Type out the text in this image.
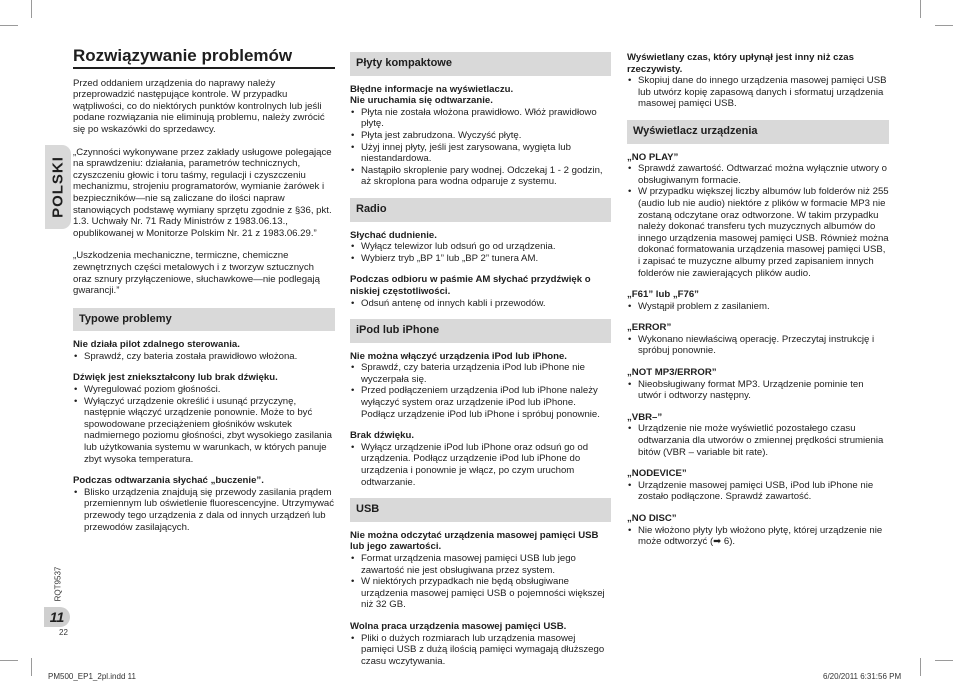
POLSKI
RQT9537
11
22
Rozwiązywanie problemów

Przed oddaniem urządzenia do naprawy należy przeprowadzić następujące kontrole. W przypadku wątpliwości, co do niektórych punktów kontrolnych lub jeśli podane rozwiązania nie eliminują problemu, należy zwrócić się po wskazówki do sprzedawcy.

„Czynności wykonywane przez zakłady usługowe polegające na sprawdzeniu: działania, parametrów technicznych, czyszczeniu głowic i toru taśmy, regulacji i czyszczeniu mechanizmu, strojeniu programatorów, wymianie żarówek i bezpieczników—nie są zaliczane do ilości napraw stanowiących podstawę wymiany sprzętu zgodnie z §36, pkt. 1.3. Uchwały Nr. 71 Rady Ministrów z 1983.06.13., opublikowanej w Monitorze Polskim Nr. 21 z 1983.06.29.”

„Uszkodzenia mechaniczne, termiczne, chemiczne zewnętrznych części metalowych i z tworzyw sztucznych oraz sznury przyłączeniowe, słuchawkowe—nie podlegają gwarancji.”

Typowe problemy

Nie działa pilot zdalnego sterowania.

• Sprawdź, czy bateria została prawidłowo włożona.

Dźwięk jest zniekształcony lub brak dźwięku.

• Wyregulować poziom głośności.
• Wyłączyć urządzenie określić i usunąć przyczynę, następnie włączyć urządzenie ponownie. Może to być spowodowane przeciążeniem głośników wskutek nadmiernego poziomu głośności, zbyt wysokiego zasilania lub użytkowania systemu w warunkach, w których panuje zbyt wysoka temperatura.

Podczas odtwarzania słychać „buczenie”.

• Blisko urządzenia znajdują się przewody zasilania prądem przemiennym lub oświetlenie fluorescencyjne. Utrzymywać przewody tego urządzenia z dala od innych urządzeń lub przewodów zasilających.
Płyty kompaktowe

Błędne informacje na wyświetlaczu.
Nie uruchamia się odtwarzanie.

• Płyta nie została włożona prawidłowo. Włóż prawidłowo płytę.
• Płyta jest zabrudzona. Wyczyść płytę.
• Użyj innej płyty, jeśli jest zarysowana, wygięta lub niestandardowa.
• Nastąpiło skroplenie pary wodnej. Odczekaj 1 - 2 godzin, aż skroplona para wodna odparuje z systemu.
Radio

Słychać dudnienie.

• Wyłącz telewizor lub odsuń go od urządzenia.
• Wybierz tryb „BP 1” lub „BP 2” tunera AM.

Podczas odbioru w paśmie AM słychać przydźwięk o niskiej częstotliwości.

• Odsuń antenę od innych kabli i przewodów.
iPod lub iPhone

Nie można włączyć urządzenia iPod lub iPhone.

• Sprawdź, czy bateria urządzenia iPod lub iPhone nie wyczerpała się.
• Przed podłączeniem urządzenia iPod lub iPhone należy wyłączyć system oraz urządzenie iPod lub iPhone. Podłącz urządzenie iPod lub iPhone i spróbuj ponownie.

Brak dźwięku.

• Wyłącz urządzenie iPod lub iPhone oraz odsuń go od urządzenia. Podłącz urządzenie iPod lub iPhone do urządzenia i ponownie je włącz, po czym uruchom odtwarzanie.
USB

Nie można odczytać urządzenia masowej pamięci USB lub jego zawartości.

• Format urządzenia masowej pamięci USB lub jego zawartość nie jest obsługiwana przez system.
• W niektórych przypadkach nie będą obsługiwane urządzenia masowej pamięci USB o pojemności większej niż 32 GB.

Wolna praca urządzenia masowej pamięci USB.

• Pliki o dużych rozmiarach lub urządzenia masowej pamięci USB z dużą ilością pamięci wymagają dłuższego czasu wczytywania.

Wyświetlany czas, który upłynął jest inny niż czas rzeczywisty.

• Skopiuj dane do innego urządzenia masowej pamięci USB lub utwórz kopię zapasową danych i sformatuj urządzenia masowej pamięci USB.
Wyświetlacz urządzenia

„NO PLAY”

• Sprawdź zawartość. Odtwarzać można wyłącznie utwory o obsługiwanym formacie.
• W przypadku większej liczby albumów lub folderów niż 255 (audio lub nie audio) niektóre z plików w formacie MP3 nie zostaną odczytane oraz odtworzone. W takim przypadku należy dokonać transferu tych muzycznych albumów do innego urządzenia masowej pamięci USB. Również można dokonać formatowania urządzenia masowej pamięci USB, i zapisać te muzyczne albumy przed zapisaniem innych folderów nie zawierających plików audio.

„F61” lub „F76”

• Wystąpił problem z zasilaniem.

„ERROR”

• Wykonano niewłaściwą operację. Przeczytaj instrukcję i spróbuj ponownie.

„NOT MP3/ERROR”

• Nieobsługiwany format MP3. Urządzenie pominie ten utwór i odtworzy następny.

„VBR–”

• Urządzenie nie może wyświetlić pozostałego czasu odtwarzania dla utworów o zmiennej prędkości strumienia bitów (VBR – variable bit rate).

„NODEVICE”

• Urządzenie masowej pamięci USB, iPod lub iPhone nie zostało podłączone. Sprawdź zawartość.

„NO DISC”

• Nie włożono płyty lyb włożono płytę, której urządzenie nie może odtworzyć (➡ 6).
PM500_EP1_2pl.indd 11	6/20/2011 6:31:56 PM
